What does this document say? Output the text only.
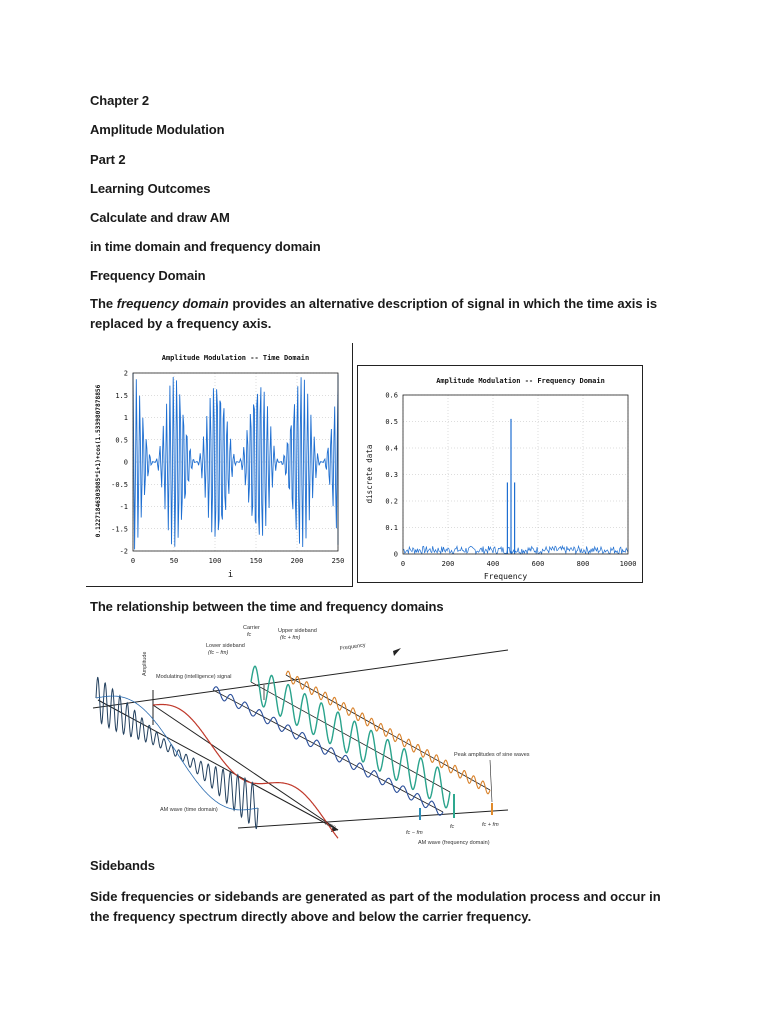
Chapter 2
Amplitude Modulation
Part 2
Learning Outcomes
Calculate and draw AM
in time domain and frequency domain
Frequency Domain
The frequency domain provides an alternative description of signal in which the time axis is replaced by a frequency axis.
The relationship between the time and frequency domains
Sidebands
Side frequencies or sidebands are generated as part of the modulation process and occur in the frequency spectrum directly above and below the carrier frequency.
Amplitude Modulation -- Time Domain
2
1.5
1
0.5
0
-0.5
-1
-1.5
-2
0	50	100	150	200	250
i
0.12271846303085*i+1)+cos(1.5339807878856
Amplitude Modulation -- Frequency Domain
0.6
0.5
0.4
0.3
0.2
0.1
0
0	200	400	600	800	1000
Frequency
discrete data
Carrier
fc
Lower sideband
(fc − fm)
Upper sideband
(fc + fm)
Modulating (intelligence) signal
Amplitude
Frequency
Time
AM wave (time domain)
Peak amplitudes of sine waves
AM wave (frequency domain)
fc − fm
fc	fc + fm
